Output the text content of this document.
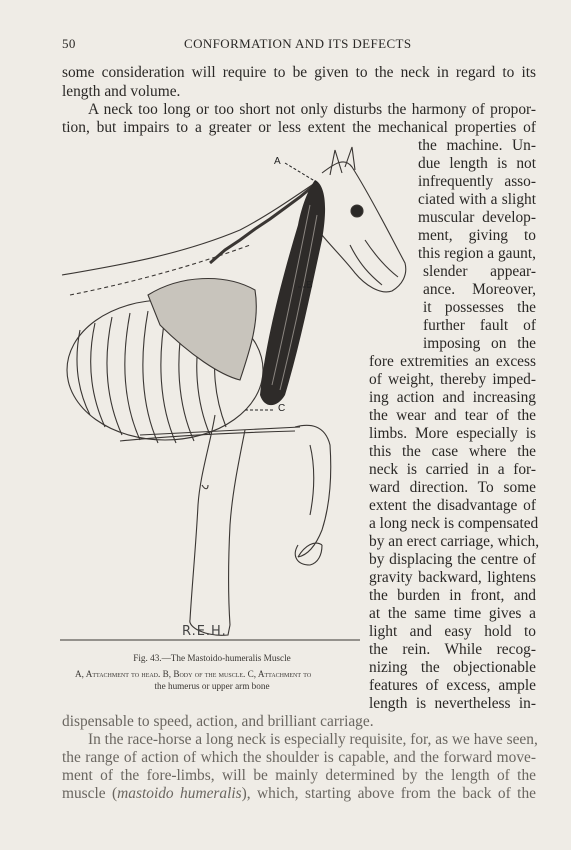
50	CONFORMATION AND ITS DEFECTS
some consideration will require to be given to the neck in regard to its
length and volume.
A neck too long or too short not only disturbs the harmony of propor-
tion, but impairs to a greater or less extent the mechanical properties of
the machine. Un-
due length is not
infrequently asso-
ciated with a slight
muscular develop-
ment, giving to
this region a gaunt,
slender appear-
ance. Moreover,
it possesses the
further fault of
imposing on the
fore extremities an excess
of weight, thereby imped-
ing action and increasing
the wear and tear of the
limbs. More especially is
this the case where the
neck is carried in a for-
ward direction. To some
extent the disadvantage of
a long neck is compensated
by an erect carriage, which,
by displacing the centre of
gravity backward, lightens
the burden in front, and
at the same time gives a
light and easy hold to
the rein. While recog-
nizing the objectionable
features of excess, ample
length is nevertheless in-
dispensable to speed, action, and brilliant carriage.
In the race-horse a long neck is especially requisite, for, as we have seen,
the range of action of which the shoulder is capable, and the forward move-
ment of the fore-limbs, will be mainly determined by the length of the
muscle (mastoido humeralis), which, starting above from the back of the
A
B
C
R.E.H.
Fig. 43.—The Mastoido-humeralis Muscle
A, Attachment to head. B, Body of the muscle. C, Attachment to
the humerus or upper arm bone
